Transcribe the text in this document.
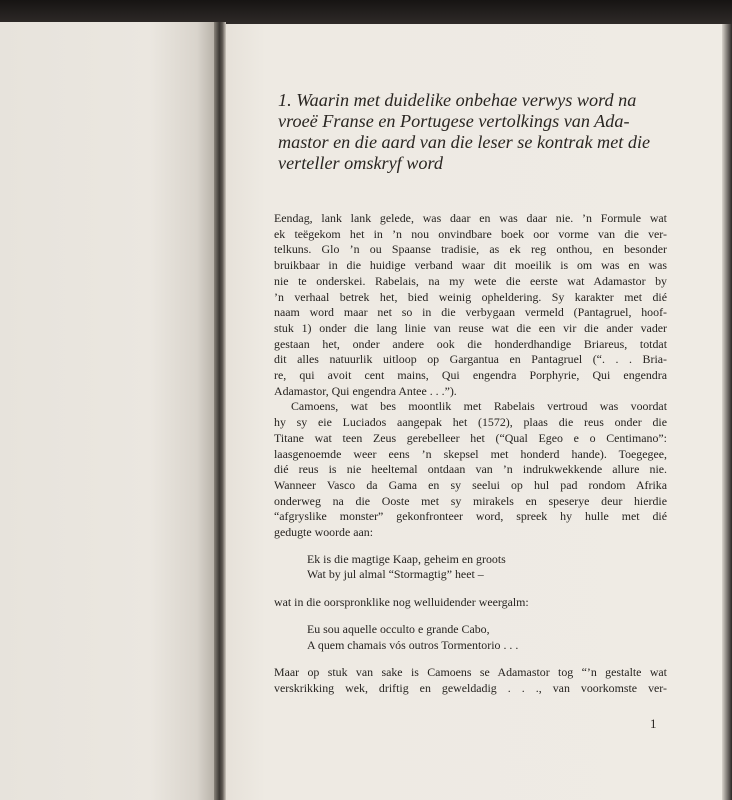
1. Waarin met duidelike onbehae verwys word na
vroeë Franse en Portugese vertolkings van Ada-
mastor en die aard van die leser se kontrak met die
verteller omskryf word
Eendag, lank lank gelede, was daar en was daar nie. ’n Formule wat
ek teëgekom het in ’n nou onvindbare boek oor vorme van die ver-
telkuns. Glo ’n ou Spaanse tradisie, as ek reg onthou, en besonder
bruikbaar in die huidige verband waar dit moeilik is om was en was
nie te onderskei. Rabelais, na my wete die eerste wat Adamastor by
’n verhaal betrek het, bied weinig opheldering. Sy karakter met dié
naam word maar net so in die verbygaan vermeld (Pantagruel, hoof-
stuk 1) onder die lang linie van reuse wat die een vir die ander vader
gestaan het, onder andere ook die honderdhandige Briareus, totdat
dit alles natuurlik uitloop op Gargantua en Pantagruel (“. . . Bria-
re, qui avoit cent mains, Qui engendra Porphyrie, Qui engendra
Adamastor, Qui engendra Antee . . .”).
Camoens, wat bes moontlik met Rabelais vertroud was voordat
hy sy eie Luciados aangepak het (1572), plaas die reus onder die
Titane wat teen Zeus gerebelleer het (“Qual Egeo e o Centimano”:
laasgenoemde weer eens ’n skepsel met honderd hande). Toegegee,
dié reus is nie heeltemal ontdaan van ’n indrukwekkende allure nie.
Wanneer Vasco da Gama en sy seelui op hul pad rondom Afrika
onderweg na die Ooste met sy mirakels en speserye deur hierdie
“afgryslike monster” gekonfronteer word, spreek hy hulle met dié
gedugte woorde aan:
Ek is die magtige Kaap, geheim en groots
Wat by jul almal “Stormagtig” heet –
wat in die oorspronklike nog welluidender weergalm:
Eu sou aquelle occulto e grande Cabo,
A quem chamais vós outros Tormentorio . . .
Maar op stuk van sake is Camoens se Adamastor tog “’n gestalte wat
verskrikking wek, driftig en geweldadig . . ., van voorkomste ver-
1
